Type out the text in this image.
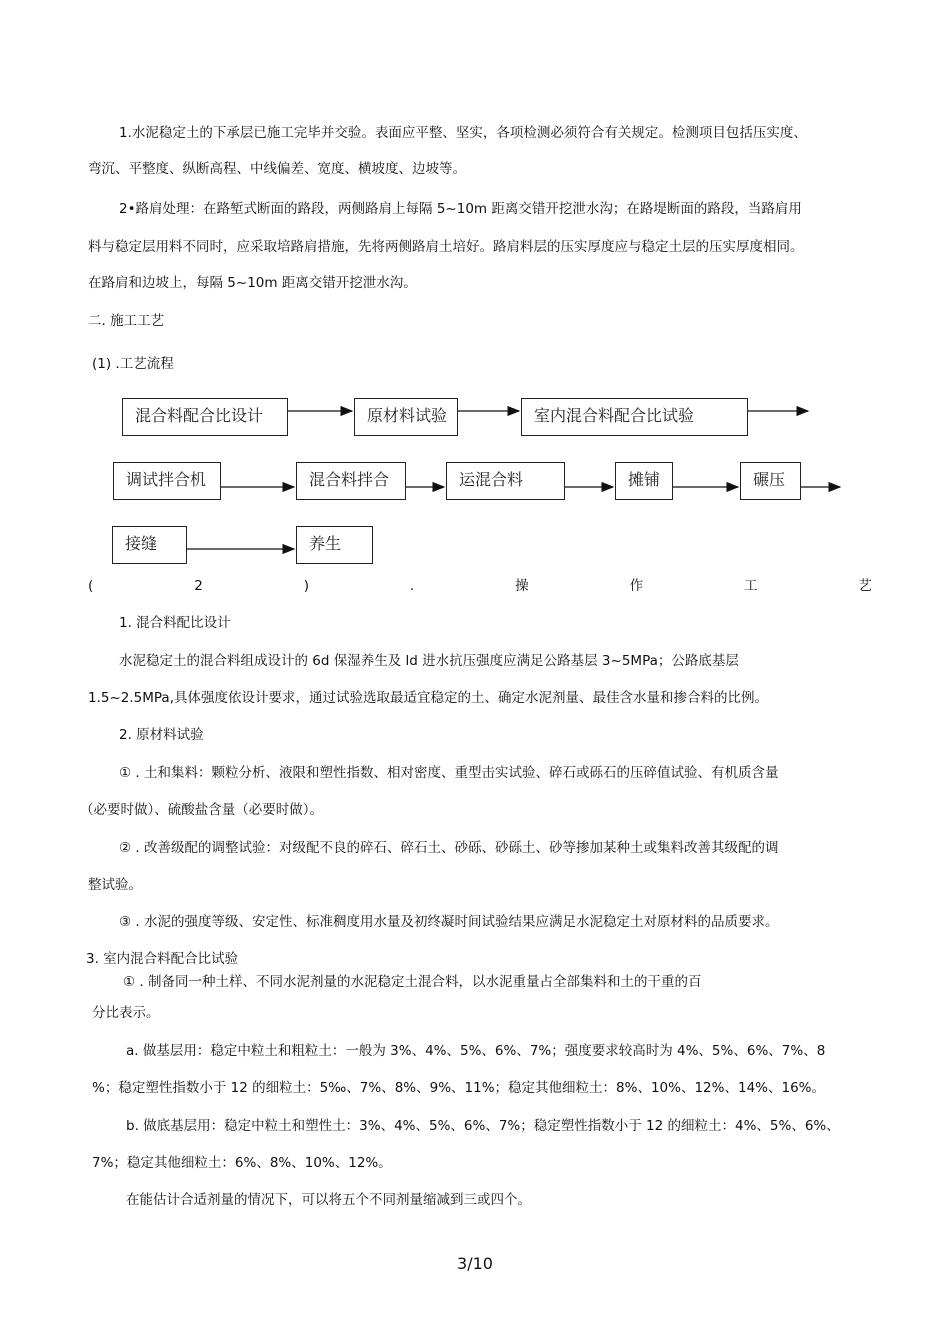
1.水泥稳定土的下承层已施工完毕并交验。表面应平整、坚实，各项检测必须符合有关规定。检测项目包括压实度、
弯沉、平整度、纵断高程、中线偏差、宽度、横坡度、边坡等。
2•路肩处理：在路堑式断面的路段，两侧路肩上每隔 5~10m 距离交错开挖泄水沟；在路堤断面的路段，当路肩用
料与稳定层用料不同时，应采取培路肩措施，先将两侧路肩土培好。路肩料层的压实厚度应与稳定土层的压实厚度相同。
在路肩和边坡上，每隔 5~10m 距离交错开挖泄水沟。
二. 施工工艺
(1) .工艺流程
混合料配合比设计	原材料试验	室内混合料配合比试验
调试拌合机	混合料拌合	运混合料	摊铺	碾压
接缝	养生
(	2	)	.	操	作	工	艺
1. 混合料配比设计
水泥稳定土的混合料组成设计的 6d 保湿养生及 ld 进水抗压强度应满足公路基层 3~5MPa；公路底基层
1.5~2.5MPa,具体强度依设计要求，通过试验选取最适宜稳定的土、确定水泥剂量、最佳含水量和掺合料的比例。
2. 原材料试验
① . 土和集料：颗粒分析、液限和塑性指数、相对密度、重型击实试验、碎石或砾石的压碎值试验、有机质含量
（必要时做）、硫酸盐含量（必要时做）。
② . 改善级配的调整试验：对级配不良的碎石、碎石土、砂砾、砂砾土、砂等掺加某种土或集料改善其级配的调
整试验。
③ . 水泥的强度等级、安定性、标准稠度用水量及初终凝时间试验结果应满足水泥稳定土对原材料的品质要求。
3. 室内混合料配合比试验
① . 制备同一种土样、不同水泥剂量的水泥稳定土混合料，以水泥重量占全部集料和土的干重的百
分比表示。
a. 做基层用：稳定中粒土和粗粒土：一般为 3%、4%、5%、6%、7%；强度要求较高时为 4%、5%、6%、7%、8
%；稳定塑性指数小于 12 的细粒土：5‰、7%、8%、9%、11%；稳定其他细粒土：8%、10%、12%、14%、16%。
b. 做底基层用：稳定中粒土和塑性土：3%、4%、5%、6%、7%；稳定塑性指数小于 12 的细粒土：4%、5%、6%、
7%；稳定其他细粒土：6%、8%、10%、12%。
在能估计合适剂量的情况下，可以将五个不同剂量缩减到三或四个。
3/10
